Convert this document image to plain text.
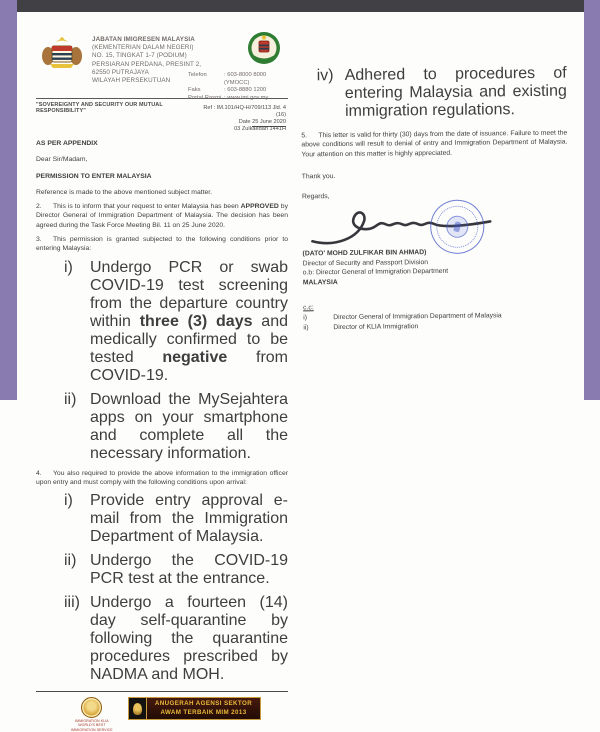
JABATAN IMIGRESEN MALAYSIA
(KEMENTERIAN DALAM NEGERI)
NO. 15, TINGKAT 1-7 (PODIUM)
PERSIARAN PERDANA, PRESINT 2,
62550 PUTRAJAYA
WILAYAH PERSEKUTUAN
Telefon	: 603-8000 8000 (YMOCC)
Faks	: 603-8880 1200
Portal Rasmi	: www.imi.gov.my
"SOVEREIGNTY AND SECURITY OUR MUTUAL RESPONSIBILITY"	Ref : IM.101/HQ-H/709/113 Jld. 4 (16)
Date 25 June 2020
03 Zulkaedah 1441H
AS PER APPENDIX
Dear Sir/Madam,
PERMISSION TO ENTER MALAYSIA
Reference is made to the above mentioned subject matter.
2. This is to inform that your request to enter Malaysia has been APPROVED by Director General of Immigration Department of Malaysia. The decision has been agreed during the Task Force Meeting Bil. 11 on 25 June 2020.
3. This permission is granted subjected to the following conditions prior to entering Malaysia:
i)	Undergo PCR or swab COVID-19 test screening from the departure country within three (3) days and medically confirmed to be tested negative from COVID-19.
ii) Download the MySejahtera apps on your smartphone and complete all the necessary information.
4. You also required to provide the above information to the immigration officer upon entry and must comply with the following conditions upon arrival:
i)	Provide entry approval e-mail from the Immigration Department of Malaysia.
ii) Undergo the COVID-19 PCR test at the entrance.
iii) Undergo a fourteen (14) day self-quarantine by following the quarantine procedures prescribed by NADMA and MOH.
IMMIGRATION KLIA
WORLD'S BEST
IMMIGRATION SERVICE
ANUGERAH AGENSI SEKTOR
AWAM TERBAIK MIM 2013
iv) Adhered to procedures of entering Malaysia and existing immigration regulations.
5. This letter is valid for thirty (30) days from the date of issuance. Failure to meet the above conditions will result to denial of entry and Immigration Department of Malaysia. Your attention on this matter is highly appreciated.
Thank you.
Regards,
(DATO' MOHD ZULFIKAR BIN AHMAD)
Director of Security and Passport Division
o.b: Director General of Immigration Department
MALAYSIA
c.c:
i)	Director General of Immigration Department of Malaysia
ii)	Director of KLIA Immigration
